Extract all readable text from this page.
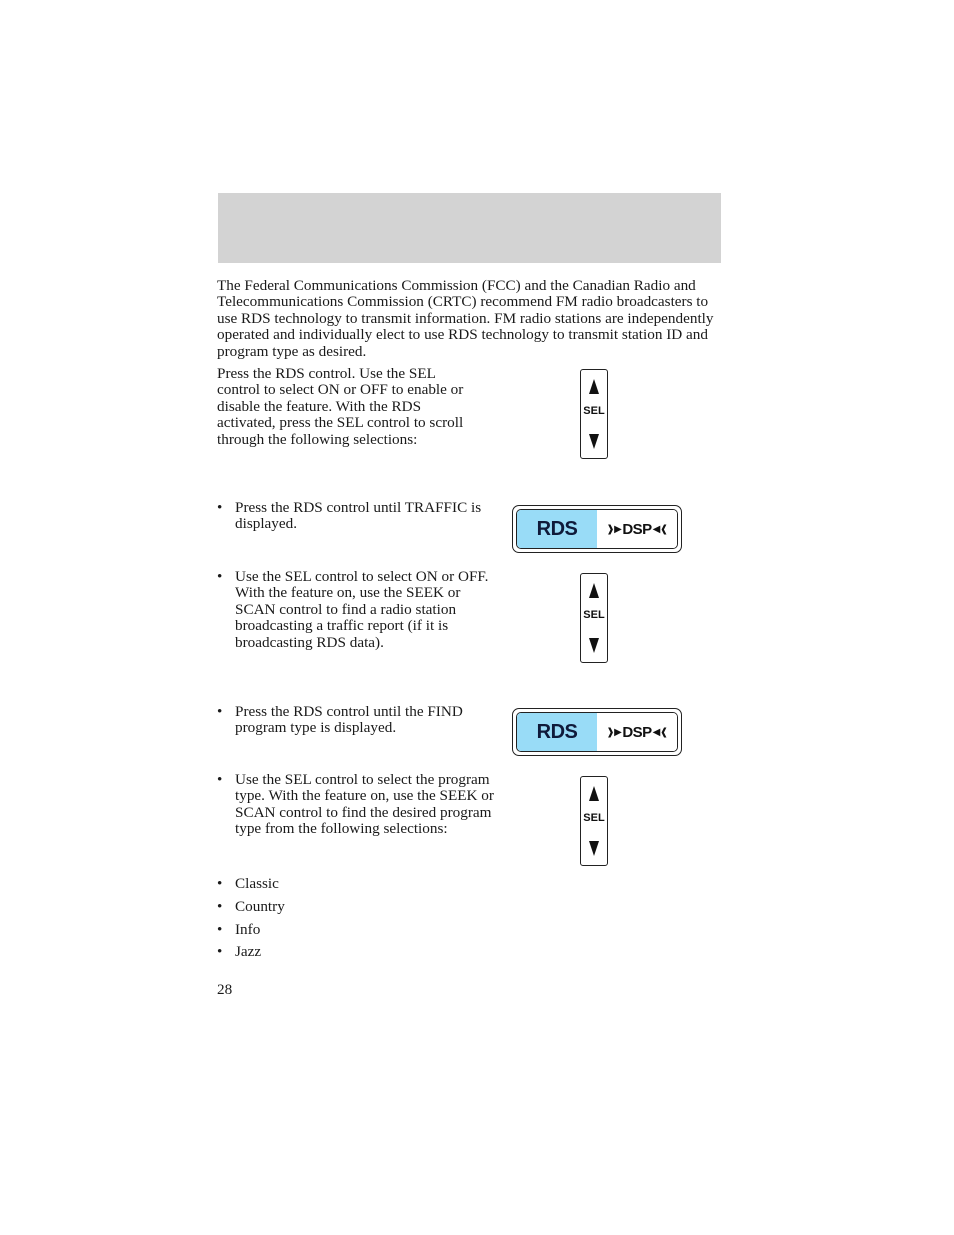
The Federal Communications Commission (FCC) and the Canadian Radio and Telecommunications Commission (CRTC) recommend FM radio broadcasters to use RDS technology to transmit information. FM radio stations are independently operated and individually elect to use RDS technology to transmit station ID and program type as desired.
Press the RDS control. Use the SEL control to select ON or OFF to enable or disable the feature. With the RDS activated, press the SEL control to scroll through the following selections:
SEL
• Press the RDS control until TRAFFIC is displayed.	RDS	❱▶ DSP ◀❰
• Use the SEL control to select ON or OFF. With the feature on, use the SEEK or SCAN control to find a radio station broadcasting a traffic report (if it is broadcasting RDS data).
SEL
• Press the RDS control until the FIND program type is displayed.	RDS	❱▶ DSP ◀❰
• Use the SEL control to select the program type. With the feature on, use the SEEK or SCAN control to find the desired program type from the following selections:
SEL
• Classic
• Country
• Info
• Jazz
28
